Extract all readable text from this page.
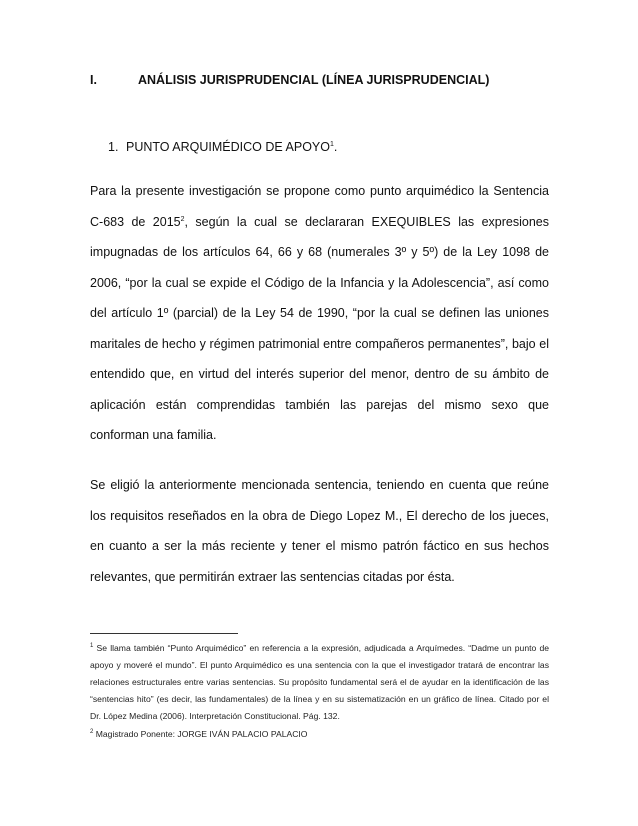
I.	ANÁLISIS JURISPRUDENCIAL (LÍNEA JURISPRUDENCIAL)
1. PUNTO ARQUIMÉDICO DE APOYO$^1$.

Para la presente investigación se propone como punto arquimédico la Sentencia C-683 de 2015$^2$, según la cual se declararan EXEQUIBLES las expresiones impugnadas de los artículos 64, 66 y 68 (numerales 3º y 5º) de la Ley 1098 de 2006, “por la cual se expide el Código de la Infancia y la Adolescencia”, así como del artículo 1º (parcial) de la Ley 54 de 1990, “por la cual se definen las uniones maritales de hecho y régimen patrimonial entre compañeros permanentes”, bajo el entendido que, en virtud del interés superior del menor, dentro de su ámbito de aplicación están comprendidas también las parejas del mismo sexo que conforman una familia.

Se eligió la anteriormente mencionada sentencia, teniendo en cuenta que reúne los requisitos reseñados en la obra de Diego Lopez M., El derecho de los jueces, en cuanto a ser la más reciente y tener el mismo patrón fáctico en sus hechos relevantes, que permitirán extraer las sentencias citadas por ésta.

$^1$ Se llama también “Punto Arquimédico” en referencia a la expresión, adjudicada a Arquímedes. “Dadme un punto de apoyo y moveré el mundo”. El punto Arquimédico es una sentencia con la que el investigador tratará de encontrar las relaciones estructurales entre varias sentencias. Su propósito fundamental será el de ayudar en la identificación de las “sentencias hito” (es decir, las fundamentales) de la línea y en su sistematización en un gráfico de línea. Citado por el Dr. López Medina (2006). Interpretación Constitucional. Pág. 132.

$^2$ Magistrado Ponente: JORGE IVÁN PALACIO PALACIO
